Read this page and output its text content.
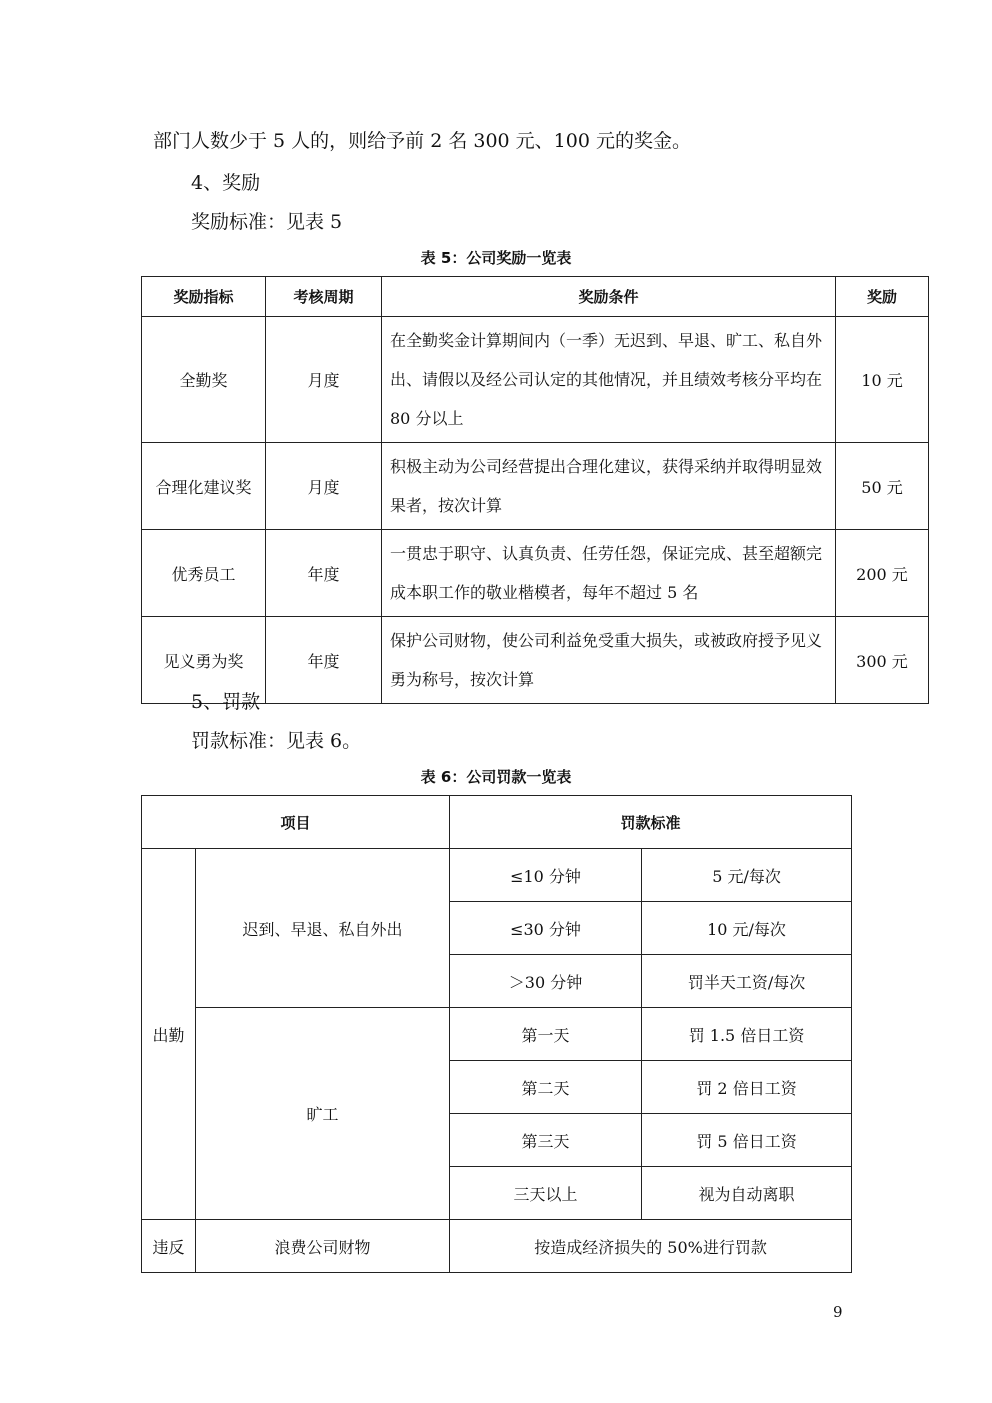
部门人数少于 5 人的，则给予前 2 名 300 元、100 元的奖金。
4、奖励
奖励标准：见表 5
表 5：公司奖励一览表
奖励指标	考核周期	奖励条件	奖励
全勤奖	月度	在全勤奖金计算期间内（一季）无迟到、早退、旷工、私自外出、请假以及经公司认定的其他情况，并且绩效考核分平均在 80 分以上	10 元
合理化建议奖	月度	积极主动为公司经营提出合理化建议，获得采纳并取得明显效果者，按次计算	50 元
优秀员工	年度	一贯忠于职守、认真负责、任劳任怨，保证完成、甚至超额完成本职工作的敬业楷模者，每年不超过 5 名	200 元
见义勇为奖	年度	保护公司财物，使公司利益免受重大损失，或被政府授予见义勇为称号，按次计算	300 元
5、罚款
罚款标准：见表 6。
表 6：公司罚款一览表
项目		罚款标准	
出勤	迟到、早退、私自外出	≤10 分钟	5 元/每次
		≤30 分钟	10 元/每次
		＞30 分钟	罚半天工资/每次
	旷工	第一天	罚 1.5 倍日工资
		第二天	罚 2 倍日工资
		第三天	罚 5 倍日工资
		三天以上	视为自动离职
违反	浪费公司财物	按造成经济损失的 50%进行罚款	
9
